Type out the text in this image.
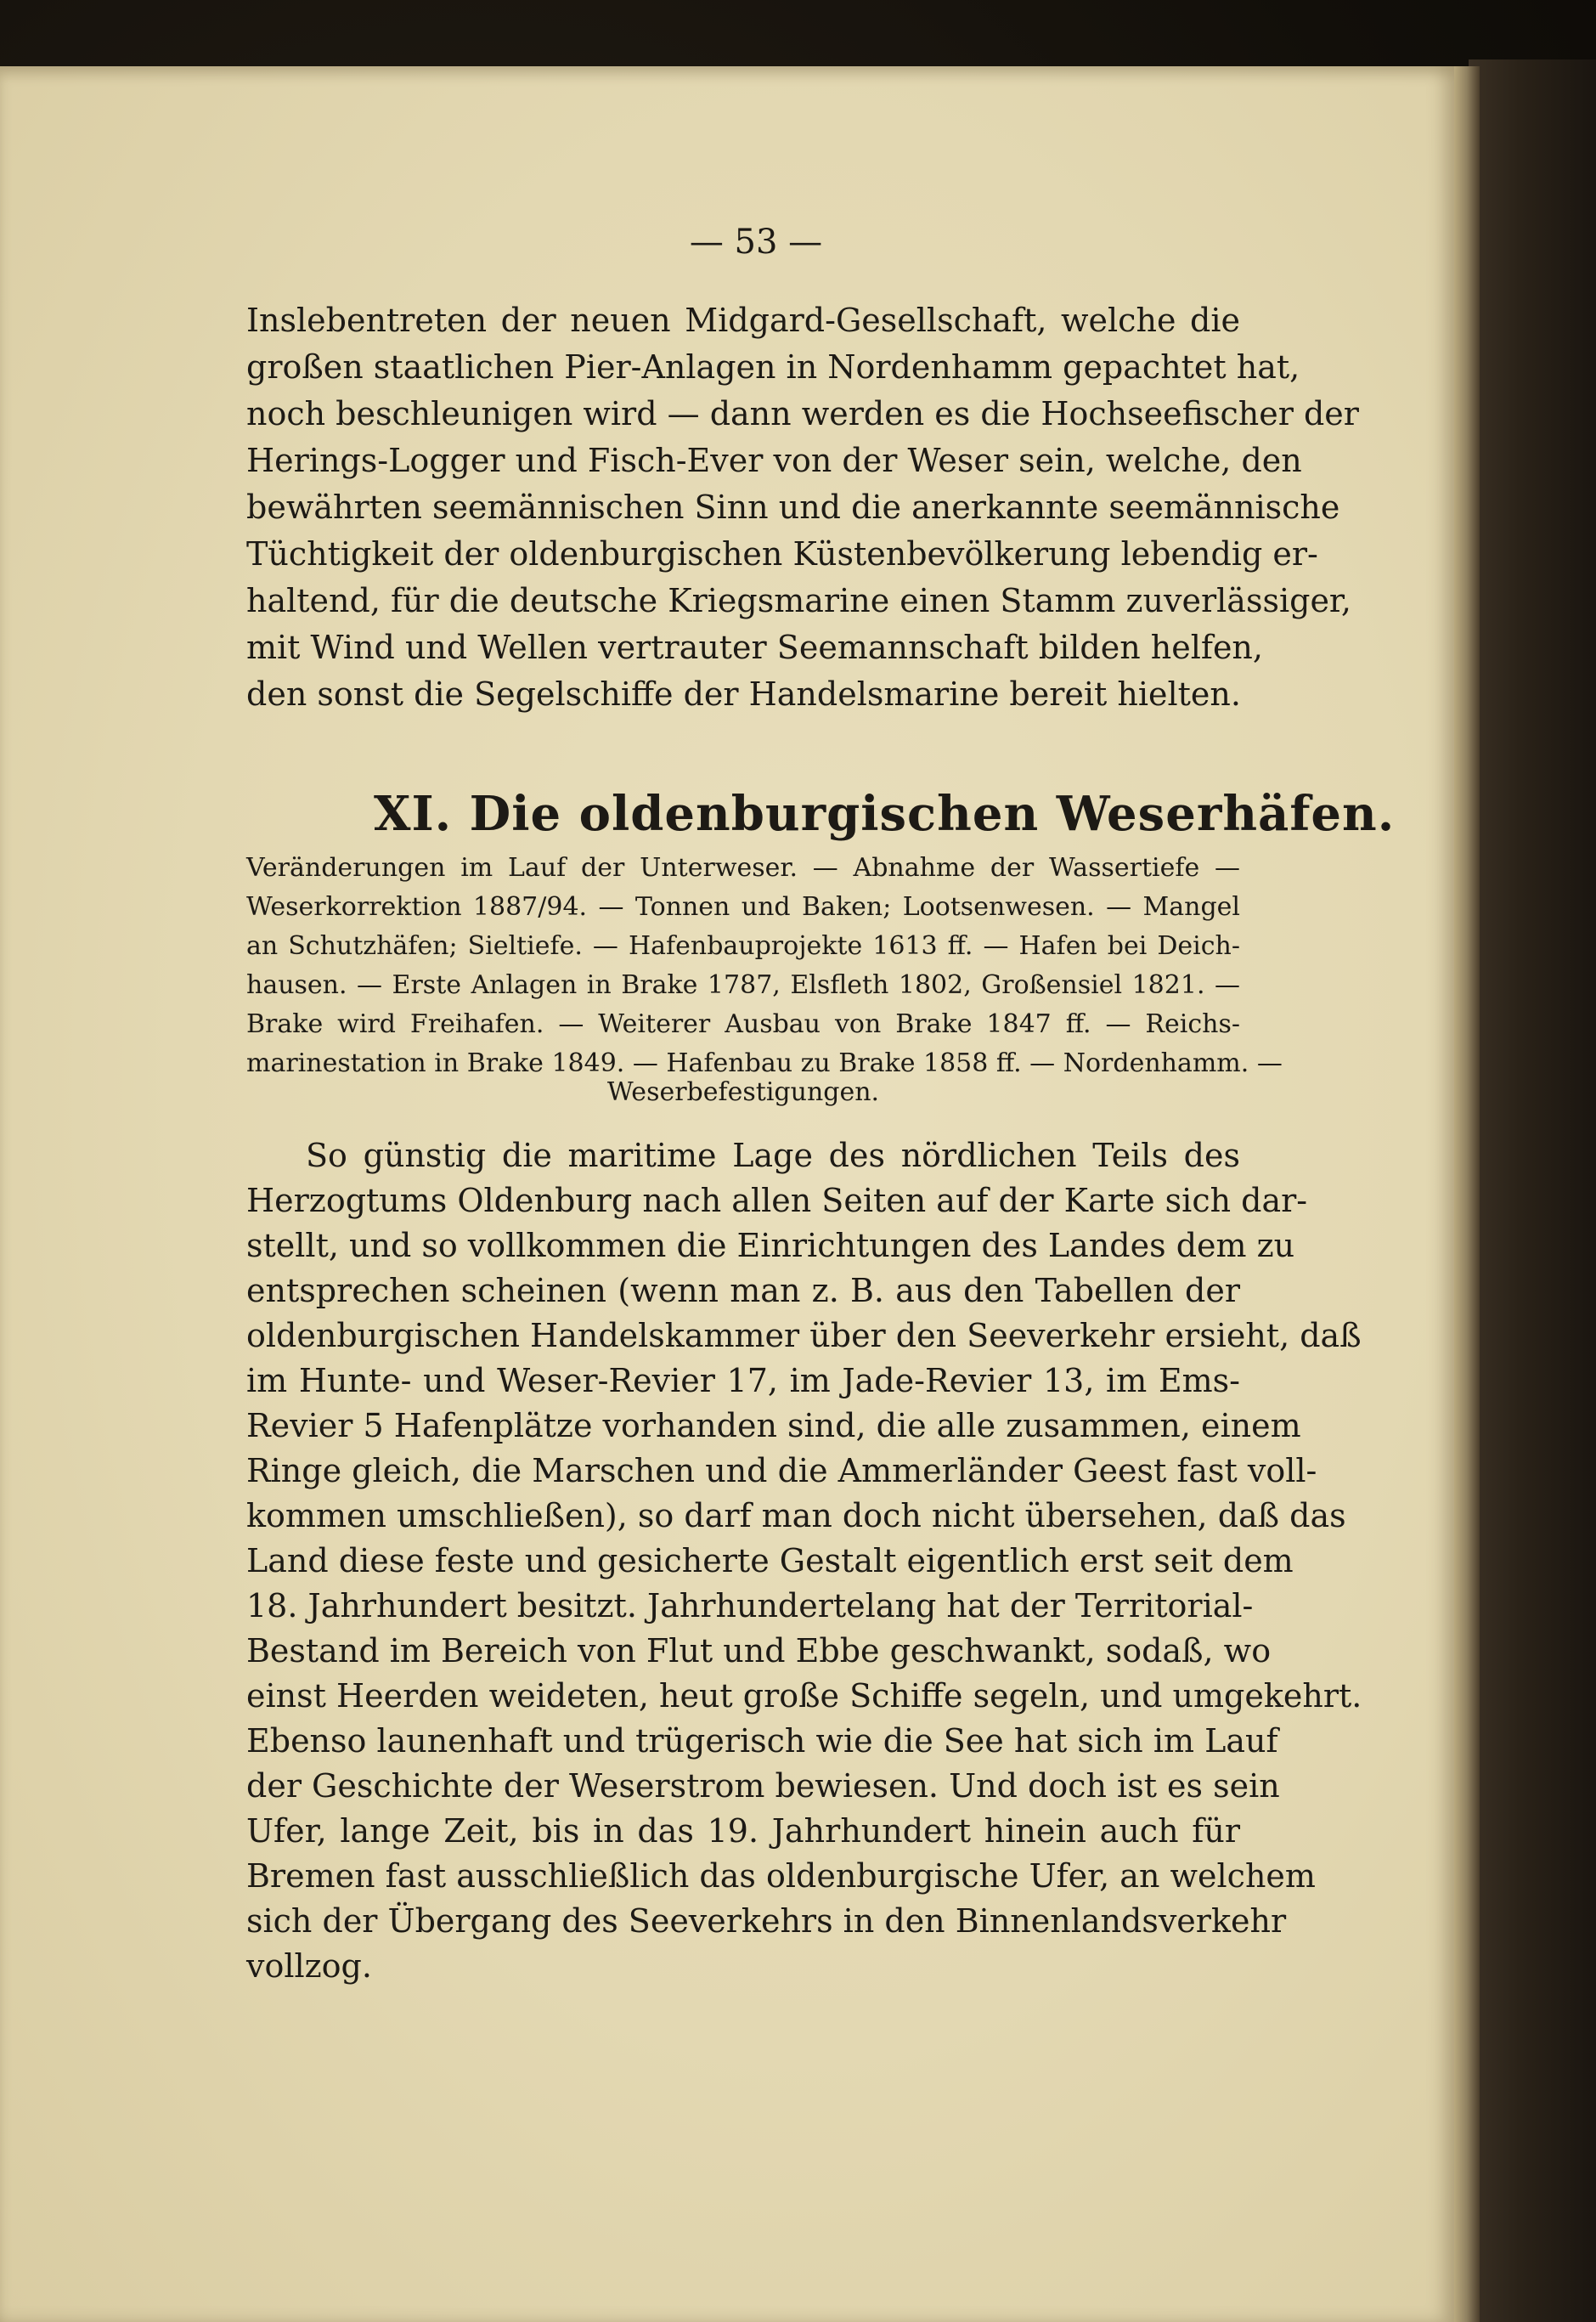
— 53 —
Inslebentreten der neuen Midgard-Gesellschaft, welche die
großen staatlichen Pier-Anlagen in Nordenhamm gepachtet hat,
noch beschleunigen wird — dann werden es die Hochseefischer der
Herings-Logger und Fisch-Ever von der Weser sein, welche, den
bewährten seemännischen Sinn und die anerkannte seemännische
Tüchtigkeit der oldenburgischen Küstenbevölkerung lebendig er-
haltend, für die deutsche Kriegsmarine einen Stamm zuverlässiger,
mit Wind und Wellen vertrauter Seemannschaft bilden helfen,
den sonst die Segelschiffe der Handelsmarine bereit hielten.
XI. Die oldenburgischen Weserhäfen.
Veränderungen im Lauf der Unterweser. — Abnahme der Wassertiefe —
Weserkorrektion 1887/94. — Tonnen und Baken; Lootsenwesen. — Mangel
an Schutzhäfen; Sieltiefe. — Hafenbauprojekte 1613 ff. — Hafen bei Deich-
hausen. — Erste Anlagen in Brake 1787, Elsfleth 1802, Großensiel 1821. —
Brake wird Freihafen. — Weiterer Ausbau von Brake 1847 ff. — Reichs-
marinestation in Brake 1849. — Hafenbau zu Brake 1858 ff. — Nordenhamm. —
Weserbefestigungen.
So günstig die maritime Lage des nördlichen Teils des
Herzogtums Oldenburg nach allen Seiten auf der Karte sich dar-
stellt, und so vollkommen die Einrichtungen des Landes dem zu
entsprechen scheinen (wenn man z. B. aus den Tabellen der
oldenburgischen Handelskammer über den Seeverkehr ersieht, daß
im Hunte- und Weser-Revier 17, im Jade-Revier 13, im Ems-
Revier 5 Hafenplätze vorhanden sind, die alle zusammen, einem
Ringe gleich, die Marschen und die Ammerländer Geest fast voll-
kommen umschließen), so darf man doch nicht übersehen, daß das
Land diese feste und gesicherte Gestalt eigentlich erst seit dem
18. Jahrhundert besitzt. Jahrhundertelang hat der Territorial-
Bestand im Bereich von Flut und Ebbe geschwankt, sodaß, wo
einst Heerden weideten, heut große Schiffe segeln, und umgekehrt.
Ebenso launenhaft und trügerisch wie die See hat sich im Lauf
der Geschichte der Weserstrom bewiesen. Und doch ist es sein
Ufer, lange Zeit, bis in das 19. Jahrhundert hinein auch für
Bremen fast ausschließlich das oldenburgische Ufer, an welchem
sich der Übergang des Seeverkehrs in den Binnenlandsverkehr
vollzog.
